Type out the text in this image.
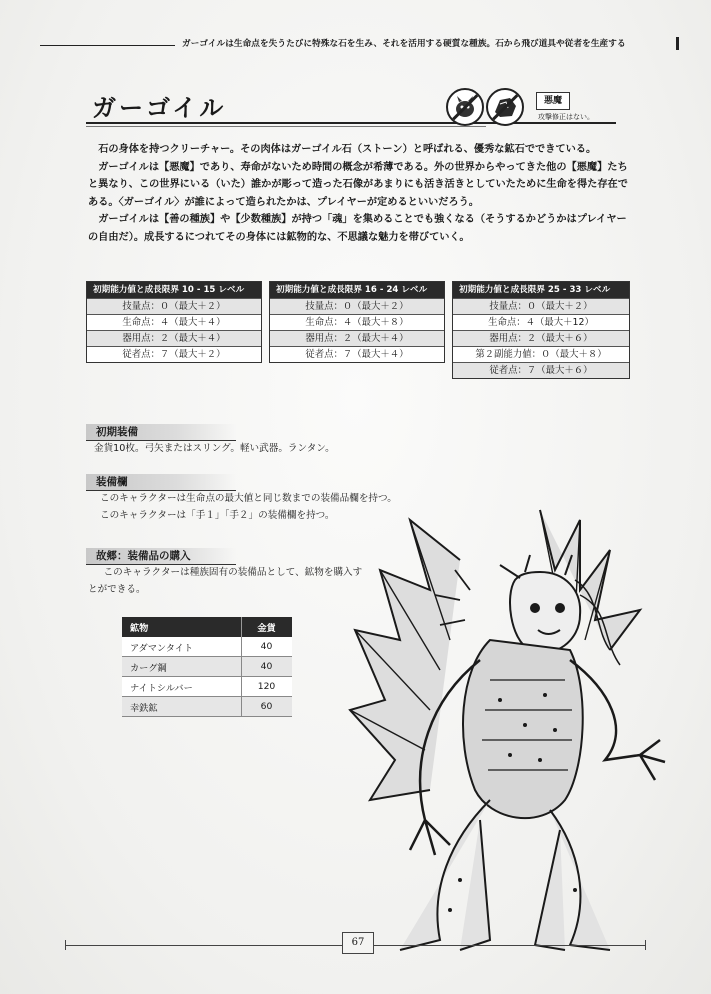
ガーゴイルは生命点を失うたびに特殊な石を生み、それを活用する硬質な種族。石から飛び道具や従者を生産する
ガーゴイル	悪魔
攻撃修正はない。

石の身体を持つクリーチャー。その肉体はガーゴイル石（ストーン）と呼ばれる、優秀な鉱石でできている。

ガーゴイルは【悪魔】であり、寿命がないため時間の概念が希薄である。外の世界からやってきた他の【悪魔】たちと異なり、この世界にいる（いた）誰かが彫って造った石像があまりにも活き活きとしていたために生命を得た存在である。〈ガーゴイル〉が誰によって造られたかは、プレイヤーが定めるといいだろう。

ガーゴイルは【善の種族】や【少数種族】が持つ「魂」を集めることでも強くなる（そうするかどうかはプレイヤーの自由だ）。成長するにつれてその身体には鉱物的な、不思議な魅力を帯びていく。

初期能力値と成長限界 10 - 15 レベル
技量点：０（最大＋２）
生命点：４（最大＋４）
器用点：２（最大＋４）
従者点：７（最大＋２）
初期能力値と成長限界 16 - 24 レベル
技量点：０（最大＋２）
生命点：４（最大＋８）
器用点：２（最大＋４）
従者点：７（最大＋４）
初期能力値と成長限界 25 - 33 レベル
技量点：０（最大＋２）
生命点：４（最大＋12）
器用点：２（最大＋６）
第２副能力値：０（最大＋８）
従者点：７（最大＋６）
初期装備

金貨10枚。弓矢またはスリング。軽い武器。ランタン。

装備欄

このキャラクターは生命点の最大値と同じ数までの装備品欄を持つ。

このキャラクターは「手１」「手２」の装備欄を持つ。

故郷：装備品の購入

このキャラクターは種族固有の装備品として、鉱物を購入す

とができる。

鉱物	金貨
アダマンタイト	40
カーグ鋼	40
ナイトシルバー	120
幸鉄鉱	60
67
